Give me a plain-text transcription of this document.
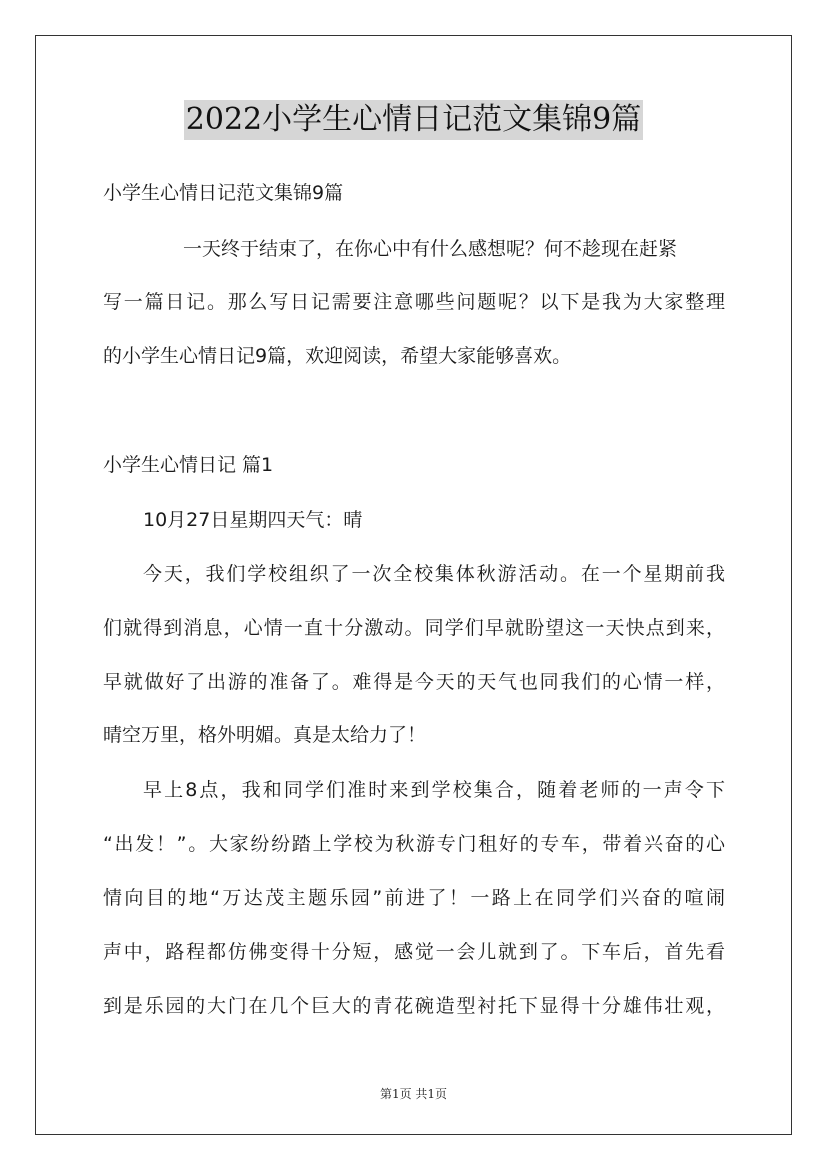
2022小学生心情日记范文集锦9篇
小学生心情日记范文集锦9篇
一天终于结束了，在你心中有什么感想呢？何不趁现在赶紧
写一篇日记。那么写日记需要注意哪些问题呢？以下是我为大家整理
的小学生心情日记9篇，欢迎阅读，希望大家能够喜欢。
小学生心情日记 篇1
10月27日星期四天气：晴
今天，我们学校组织了一次全校集体秋游活动。在一个星期前我
们就得到消息，心情一直十分激动。同学们早就盼望这一天快点到来，
早就做好了出游的准备了。难得是今天的天气也同我们的心情一样，
晴空万里，格外明媚。真是太给力了！
早上8点，我和同学们准时来到学校集合，随着老师的一声令下
“出发！”。大家纷纷踏上学校为秋游专门租好的专车，带着兴奋的心
情向目的地“万达茂主题乐园”前进了！一路上在同学们兴奋的喧闹
声中，路程都仿佛变得十分短，感觉一会儿就到了。下车后，首先看
到是乐园的大门在几个巨大的青花碗造型衬托下显得十分雄伟壮观，
第1页 共1页
